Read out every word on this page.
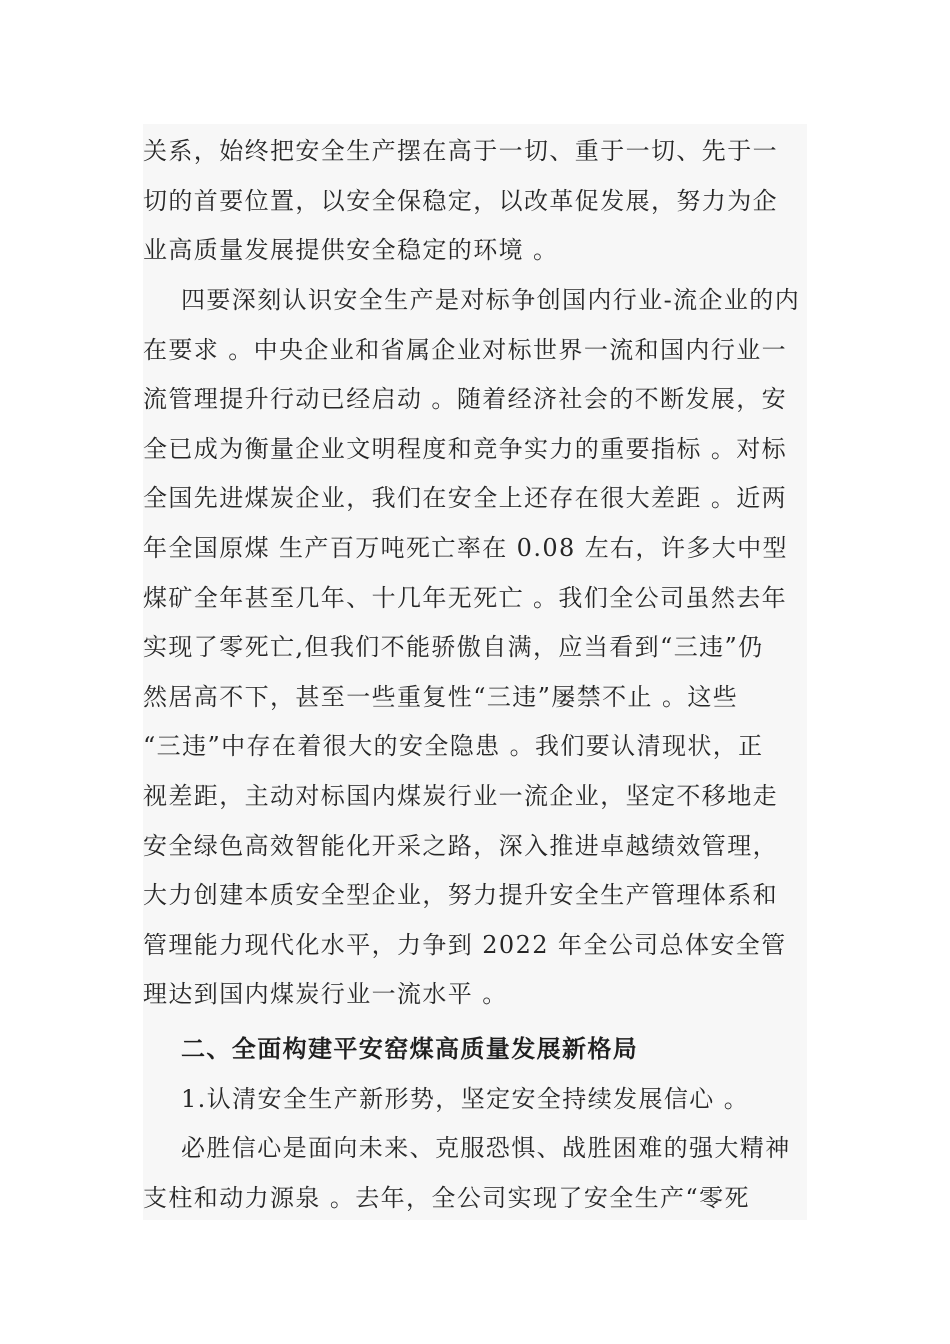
关系，始终把安全生产摆在高于一切、重于一切、先于一
切的首要位置，以安全保稳定，以改革促发展，努力为企
业高质量发展提供安全稳定的环境 。
四要深刻认识安全生产是对标争创国内行业-流企业的内
在要求 。中央企业和省属企业对标世界一流和国内行业一
流管理提升行动已经启动 。随着经济社会的不断发展，安
全已成为衡量企业文明程度和竞争实力的重要指标 。对标
全国先进煤炭企业，我们在安全上还存在很大差距 。近两
年全国原煤 生产百万吨死亡率在 0.08 左右，许多大中型
煤矿全年甚至几年、十几年无死亡 。我们全公司虽然去年
实现了零死亡,但我们不能骄傲自满，应当看到“三违”仍
然居高不下，甚至一些重复性“三违”屡禁不止 。这些
“三违”中存在着很大的安全隐患 。我们要认清现状，正
视差距，主动对标国内煤炭行业一流企业，坚定不移地走
安全绿色高效智能化开采之路，深入推进卓越绩效管理，
大力创建本质安全型企业，努力提升安全生产管理体系和
管理能力现代化水平，力争到 2022 年全公司总体安全管
理达到国内煤炭行业一流水平 。
二、全面构建平安窑煤高质量发展新格局
1.认清安全生产新形势，坚定安全持续发展信心 。
必胜信心是面向未来、克服恐惧、战胜困难的强大精神
支柱和动力源泉 。去年，全公司实现了安全生产“零死
